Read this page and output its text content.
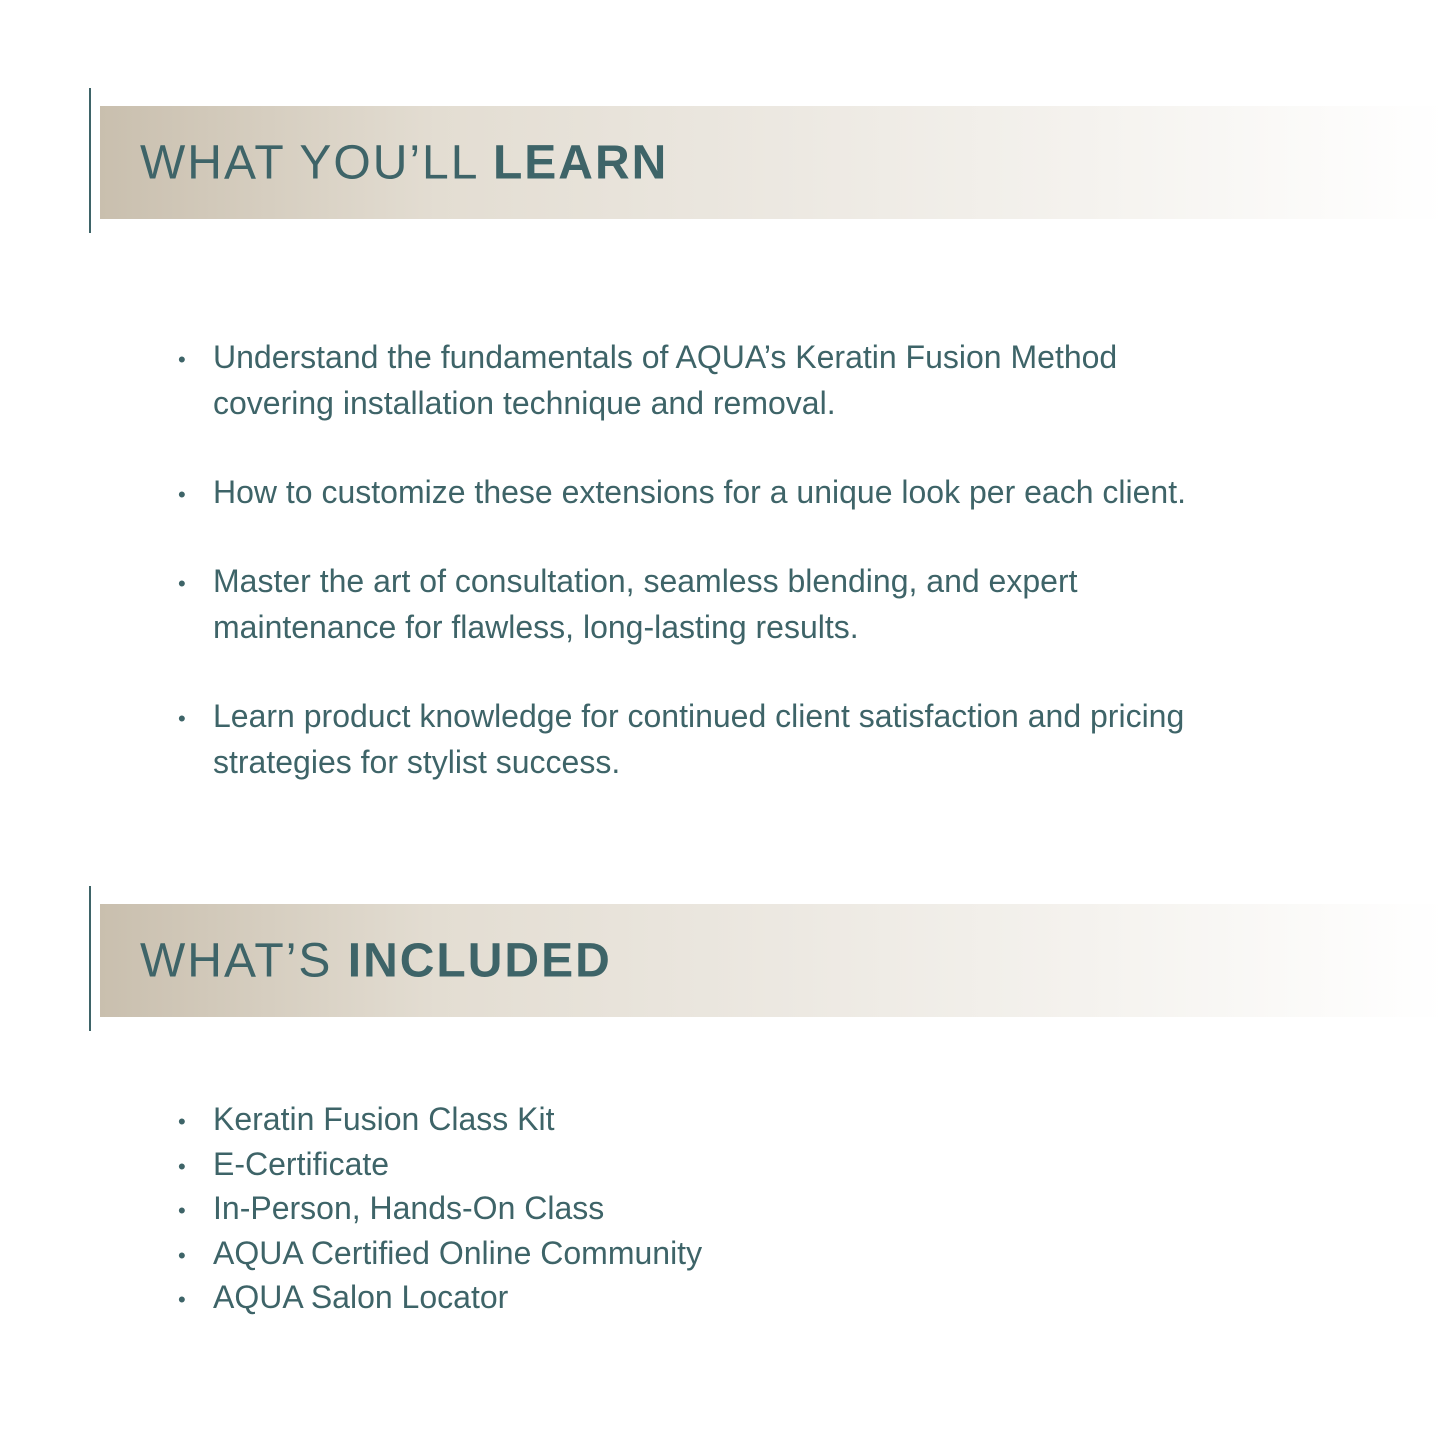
WHAT YOU’LL LEARN
• Understand the fundamentals of AQUA’s Keratin Fusion Method covering installation technique and removal.
• How to customize these extensions for a unique look per each client.
• Master the art of consultation, seamless blending, and expert maintenance for flawless, long-lasting results.
• Learn product knowledge for continued client satisfaction and pricing strategies for stylist success.
WHAT’S INCLUDED
• Keratin Fusion Class Kit
• E-Certificate
• In-Person, Hands-On Class
• AQUA Certified Online Community
• AQUA Salon Locator
